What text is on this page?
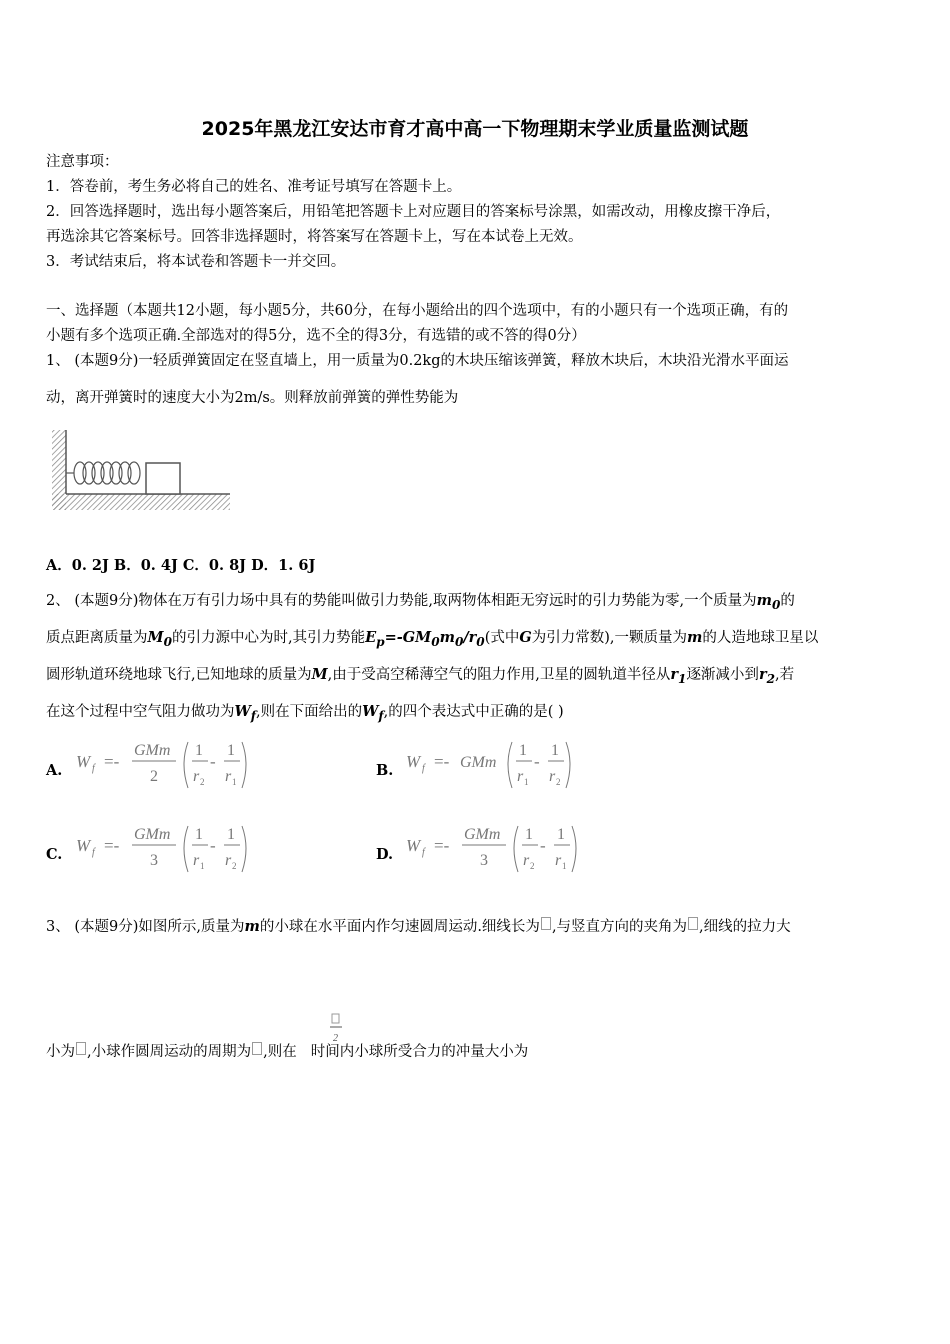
2025年黑龙江安达市育才高中高一下物理期末学业质量监测试题
注意事项：
1．答卷前，考生务必将自己的姓名、准考证号填写在答题卡上。
2．回答选择题时，选出每小题答案后，用铅笔把答题卡上对应题目的答案标号涂黑，如需改动，用橡皮擦干净后，
再选涂其它答案标号。回答非选择题时，将答案写在答题卡上，写在本试卷上无效。
3．考试结束后，将本试卷和答题卡一并交回。
一、选择题（本题共12小题，每小题5分，共60分，在每小题给出的四个选项中，有的小题只有一个选项正确，有的
小题有多个选项正确.全部选对的得5分，选不全的得3分，有选错的或不答的得0分）
1、 (本题9分)一轻质弹簧固定在竖直墙上，用一质量为0.2kg的木块压缩该弹簧，释放木块后，木块沿光滑水平面运
动，离开弹簧时的速度大小为2m/s。则释放前弹簧的弹性势能为
A．0. 2J B．0. 4J C．0. 8J D．1. 6J
2、 (本题9分)物体在万有引力场中具有的势能叫做引力势能,取两物体相距无穷远时的引力势能为零,一个质量为$m_0$的
质点距离质量为$M_0$的引力源中心为时,其引力势能$E_p=-GM_0m_0/r_0$(式中G为引力常数),一颗质量为m的人造地球卫星以
圆形轨道环绕地球飞行,已知地球的质量为M,由于受高空稀薄空气的阻力作用,卫星的圆轨道半径从$r_1$逐渐减小到$r_2$,若
在这个过程中空气阻力做功为$W_f$,则在下面给出的$W_f$,的四个表达式中正确的是( )
A. W f =-
GMm
2
1
r 2
-
1
r 1
B. W f =- GMm
1
r 1
-
1
r 2
C. W f =-
GMm
3
1
r 1
-
1
r 2
D. W f =-
GMm
3
1
r 2
-
1
r 1
3、 (本题9分)如图所示,质量为m的小球在水平面内作匀速圆周运动.细线长为 ,与竖直方向的夹角为 ,细线的拉力大
小为 ,小球作圆周运动的周期为 ,则在 时间内小球所受合力的冲量大小为
2
